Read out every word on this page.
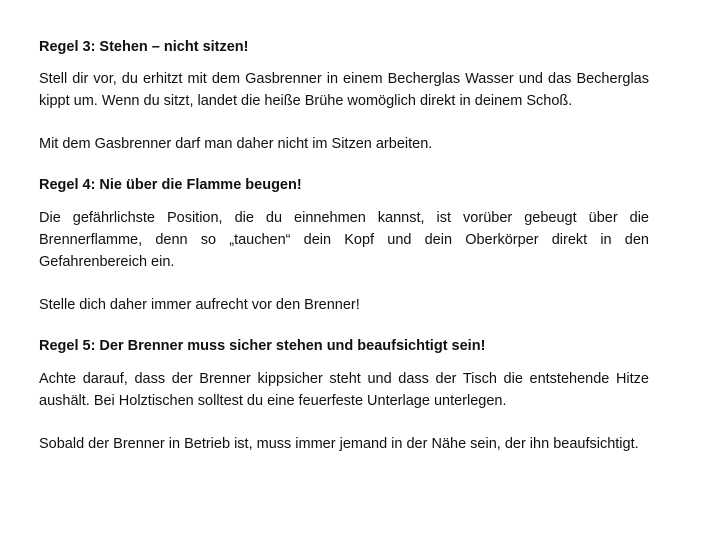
Regel 3: Stehen – nicht sitzen!

Stell dir vor, du erhitzt mit dem Gasbrenner in einem Becherglas Wasser und das Becherglas kippt um. Wenn du sitzt, landet die heiße Brühe womöglich direkt in deinem Schoß.

Mit dem Gasbrenner darf man daher nicht im Sitzen arbeiten.

Regel 4: Nie über die Flamme beugen!

Die gefährlichste Position, die du einnehmen kannst, ist vorüber gebeugt über die Brennerflamme, denn so „tauchen“ dein Kopf und dein Oberkörper direkt in den Gefahrenbereich ein.

Stelle dich daher immer aufrecht vor den Brenner!

Regel 5: Der Brenner muss sicher stehen und beaufsichtigt sein!

Achte darauf, dass der Brenner kippsicher steht und dass der Tisch die entstehende Hitze aushält. Bei Holztischen solltest du eine feuerfeste Unterlage unterlegen.

Sobald der Brenner in Betrieb ist, muss immer jemand in der Nähe sein, der ihn beaufsichtigt.
